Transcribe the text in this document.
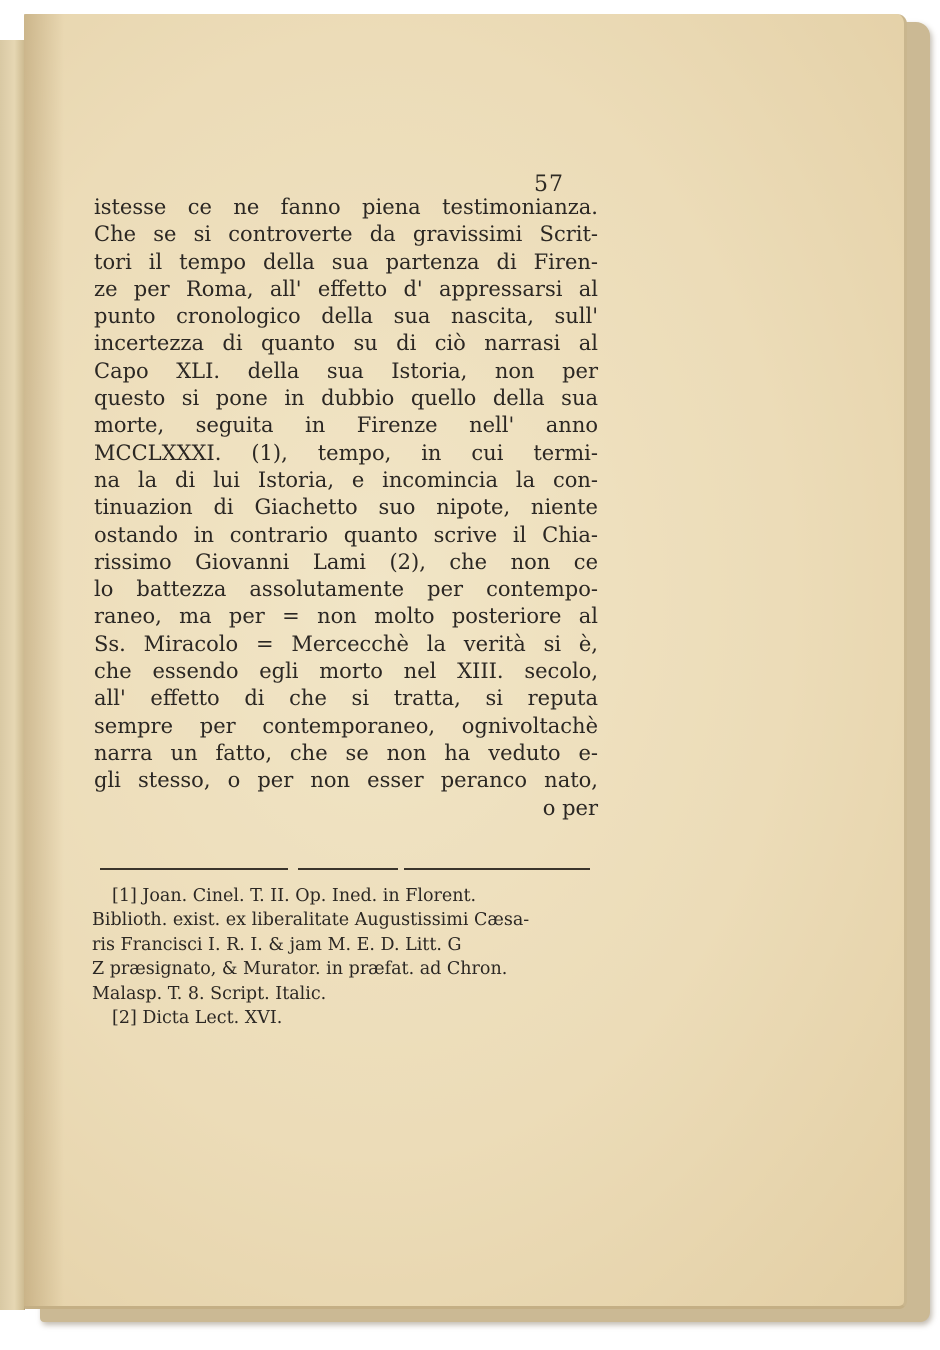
57
istesse ce ne fanno piena testimonianza.
Che se si controverte da gravissimi Scrit-
tori il tempo della sua partenza di Firen-
ze per Roma, all' effetto d' appressarsi al
punto cronologico della sua nascita, sull'
incertezza di quanto su di ciò narrasi al
Capo XLI. della sua Istoria, non per
questo si pone in dubbio quello della sua
morte, seguita in Firenze nell' anno
MCCLXXXI. (1), tempo, in cui termi-
na la di lui Istoria, e incomincia la con-
tinuazion di Giachetto suo nipote, niente
ostando in contrario quanto scrive il Chia-
rissimo Giovanni Lami (2), che non ce
lo battezza assolutamente per contempo-
raneo, ma per = non molto posteriore al
Ss. Miracolo = Mercecchè la verità si è,
che essendo egli morto nel XIII. secolo,
all' effetto di che si tratta, si reputa
sempre per contemporaneo, ognivoltachè
narra un fatto, che se non ha veduto e-
gli stesso, o per non esser peranco nato,
o per
[1] Joan. Cinel. T. II. Op. Ined. in Florent.
Biblioth. exist. ex liberalitate Augustissimi Cæsa-
ris Francisci I. R. I. & jam M. E. D. Litt. G
Z præsignato, & Murator. in præfat. ad Chron.
Malasp. T. 8. Script. Italic.
[2] Dicta Lect. XVI.
